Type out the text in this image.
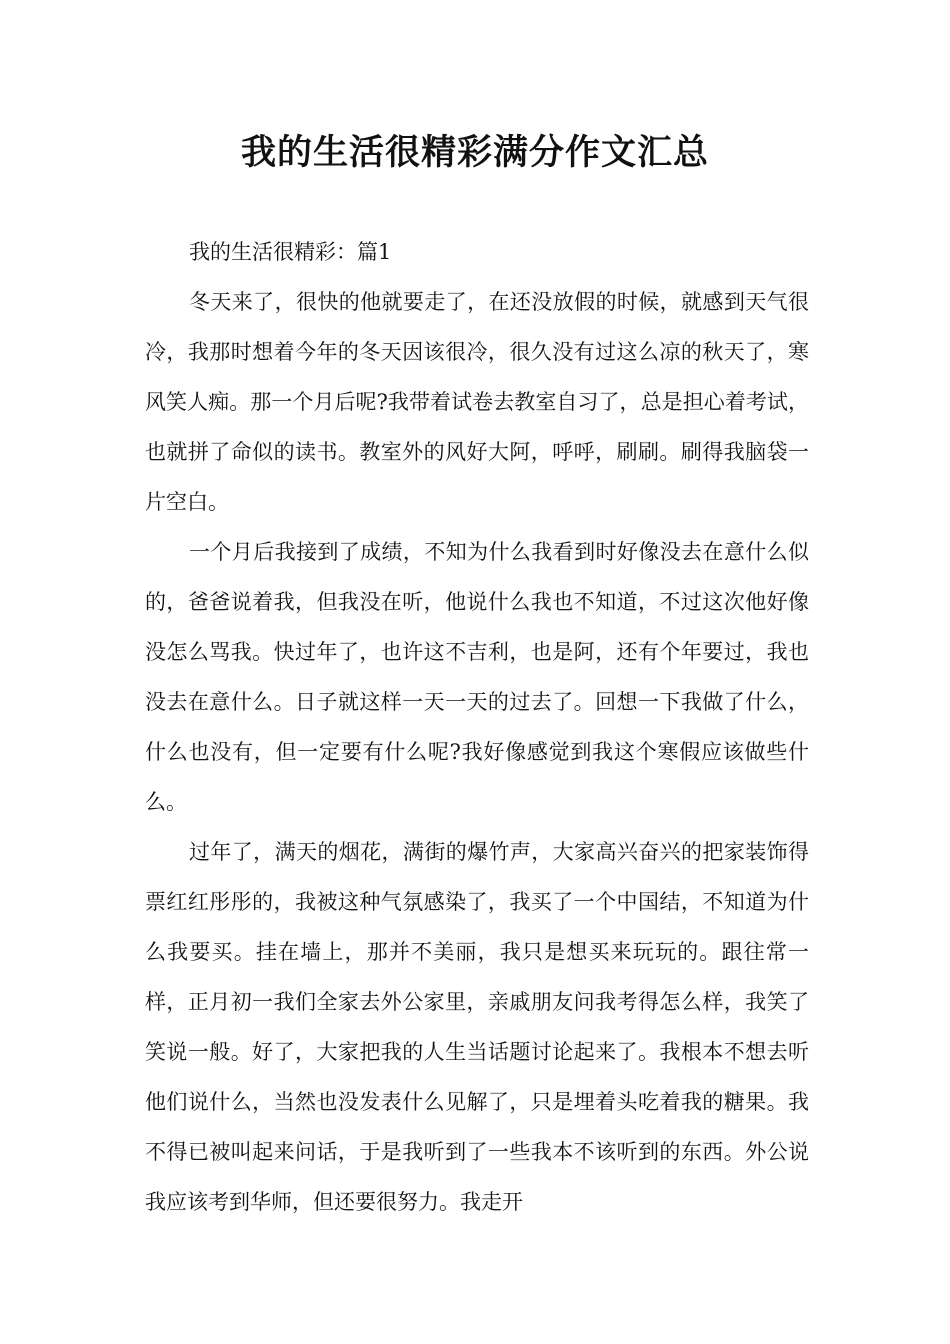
我的生活很精彩满分作文汇总

我的生活很精彩：篇1

冬天来了，很快的他就要走了，在还没放假的时候，就感到天气很冷，我那时想着今年的冬天因该很冷，很久没有过这么凉的秋天了，寒风笑人痴。那一个月后呢?我带着试卷去教室自习了，总是担心着考试，也就拼了命似的读书。教室外的风好大阿，呼呼，刷刷。刷得我脑袋一片空白。

一个月后我接到了成绩，不知为什么我看到时好像没去在意什么似的，爸爸说着我，但我没在听，他说什么我也不知道，不过这次他好像没怎么骂我。快过年了，也许这不吉利，也是阿，还有个年要过，我也没去在意什么。日子就这样一天一天的过去了。回想一下我做了什么，什么也没有，但一定要有什么呢?我好像感觉到我这个寒假应该做些什么。

过年了，满天的烟花，满街的爆竹声，大家高兴奋兴的把家装饰得票红红彤彤的，我被这种气氛感染了，我买了一个中国结，不知道为什么我要买。挂在墙上，那并不美丽，我只是想买来玩玩的。跟往常一样，正月初一我们全家去外公家里，亲戚朋友问我考得怎么样，我笑了笑说一般。好了，大家把我的人生当话题讨论起来了。我根本不想去听他们说什么，当然也没发表什么见解了，只是埋着头吃着我的糖果。我不得已被叫起来问话，于是我听到了一些我本不该听到的东西。外公说我应该考到华师，但还要很努力。我走开
